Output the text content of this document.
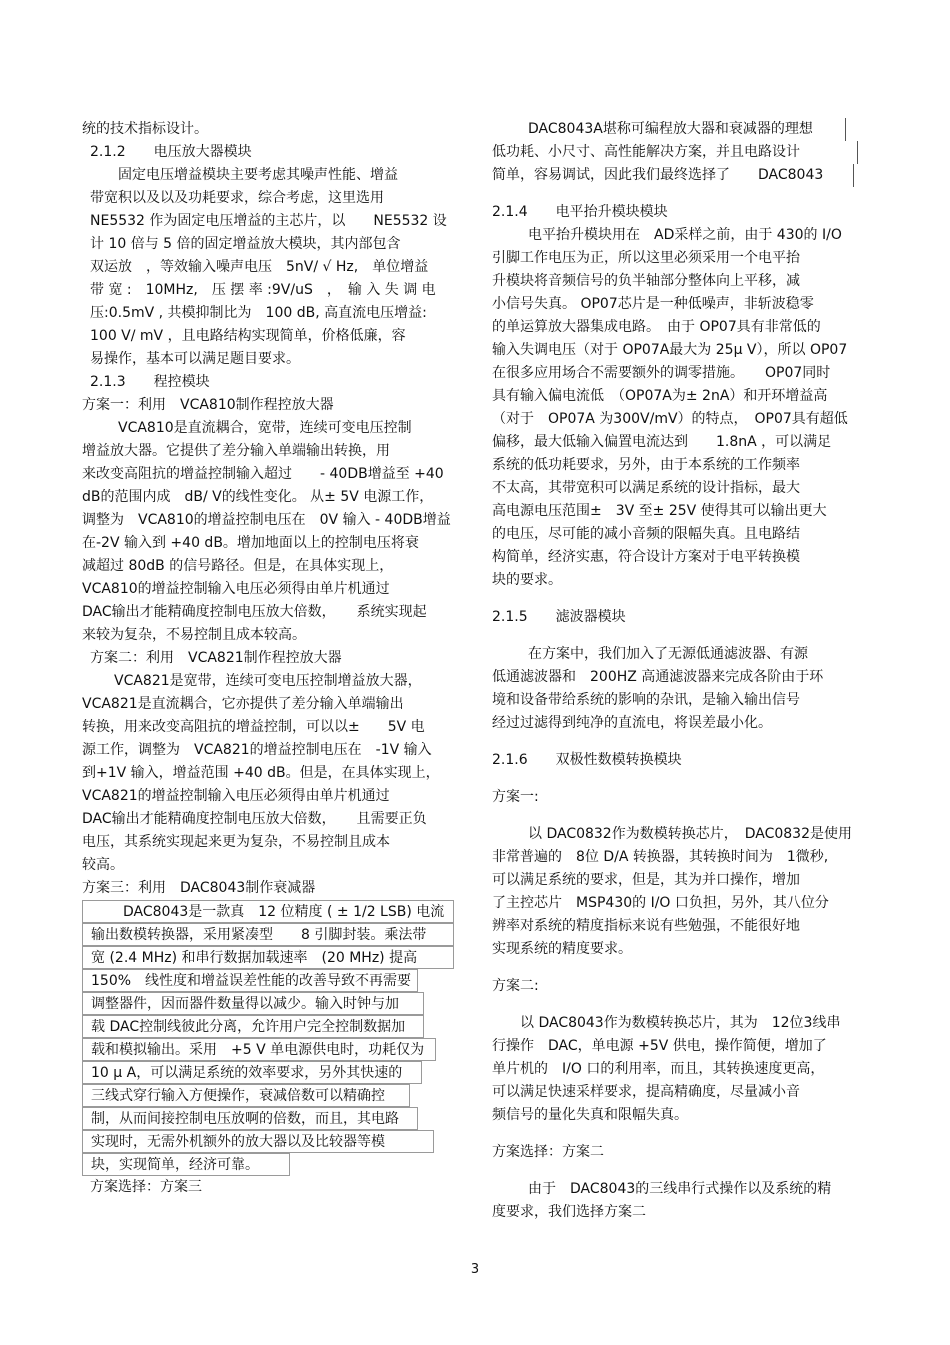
统的技术指标设计。
2.1.2　　电压放大器模块
固定电压增益模块主要考虑其噪声性能、增益
带宽积以及以及功耗要求，综合考虑，这里选用
NE5532 作为固定电压增益的主芯片，以　　NE5532 设
计 10 倍与 5 倍的固定增益放大模块，其内部包含
双运放　，等效输入噪声电压　5nV/ √ Hz,　单位增益
带 宽 :　10MHz,　压 摆 率 :9V/uS　，　输 入 失 调 电
压:0.5mV , 共模抑制比为　100 dB, 高直流电压增益:
100 V/ mV ，且电路结构实现简单，价格低廉，容
易操作，基本可以满足题目要求。
2.1.3　　程控模块
方案一：利用　VCA810制作程控放大器
VCA810是直流耦合，宽带，连续可变电压控制
增益放大器。它提供了差分输入单端输出转换，用
来改变高阻抗的增益控制输入超过　　- 40DB增益至 +40
dB的范围内成　dB/ V的线性变化。 从± 5V 电源工作，
调整为　VCA810的增益控制电压在　0V 输入 - 40DB增益
在-2V 输入到 +40 dB。增加地面以上的控制电压将衰
减超过 80dB 的信号路径。但是，在具体实现上，
VCA810的增益控制输入电压必须得由单片机通过
DAC输出才能精确度控制电压放大倍数，　　系统实现起
来较为复杂，不易控制且成本较高。
方案二：利用　VCA821制作程控放大器
VCA821是宽带，连续可变电压控制增益放大器，
VCA821是直流耦合，它亦提供了差分输入单端输出
转换，用来改变高阻抗的增益控制，可以以±　　5V 电
源工作，调整为　VCA821的增益控制电压在　-1V 输入
到+1V 输入，增益范围 +40 dB。但是，在具体实现上，
VCA821的增益控制输入电压必须得由单片机通过
DAC输出才能精确度控制电压放大倍数，　　且需要正负
电压，其系统实现起来更为复杂，不易控制且成本
较高。
方案三：利用　DAC8043制作衰减器
DAC8043是一款真　12 位精度 ( ± 1/2 LSB) 电流
输出数模转换器，采用紧凑型　　8 引脚封装。乘法带
宽 (2.4 MHz) 和串行数据加载速率　(20 MHz) 提高
150%　线性度和增益误差性能的改善导致不再需要
调整器件，因而器件数量得以减少。输入时钟与加
载 DAC控制线彼此分离，允许用户完全控制数据加
载和模拟输出。采用　+5 V 单电源供电时，功耗仅为
10 μ A，可以满足系统的效率要求，另外其快速的
三线式穿行输入方便操作，衰减倍数可以精确控
制，从而间接控制电压放啊的倍数，而且，其电路
实现时，无需外机额外的放大器以及比较器等模
块，实现简单，经济可靠。
方案选择：方案三
DAC8043A堪称可编程放大器和衰减器的理想
低功耗、小尺寸、高性能解决方案，并且电路设计
简单，容易调试，因此我们最终选择了　　DAC8043
2.1.4　　电平抬升模块模块
电平抬升模块用在　AD采样之前，由于 430的 I/O
引脚工作电压为正，所以这里必须采用一个电平抬
升模块将音频信号的负半轴部分整体向上平移，减
小信号失真。 OP07芯片是一种低噪声，非斩波稳零
的单运算放大器集成电路。　由于 OP07具有非常低的
输入失调电压（对于 OP07A最大为 25μ V），所以 OP07
在很多应用场合不需要额外的调零措施。　　OP07同时
具有输入偏电流低　（OP07A为± 2nA）和开环增益高
（对于　OP07A 为300V/mV）的特点，　OP07具有超低
偏移，最大低输入偏置电流达到　　1.8nA ，可以满足
系统的低功耗要求，另外，由于本系统的工作频率
不太高，其带宽积可以满足系统的设计指标，最大
高电源电压范围±　3V 至± 25V 使得其可以输出更大
的电压，尽可能的减小音频的限幅失真。且电路结
构简单，经济实惠，符合设计方案对于电平转换模
块的要求。
2.1.5　　滤波器模块
在方案中，我们加入了无源低通滤波器、有源
低通滤波器和　200HZ 高通滤波器来完成各阶由于环
境和设备带给系统的影响的杂讯，是输入输出信号
经过过滤得到纯净的直流电，将误差最小化。
2.1.6　　双极性数模转换模块
方案一:
以 DAC0832作为数模转换芯片，　DAC0832是使用
非常普遍的　8位 D/A 转换器，其转换时间为　1微秒,
可以满足系统的要求，但是，其为并口操作，增加
了主控芯片　MSP430的 I/O 口负担，另外，其八位分
辨率对系统的精度指标来说有些勉强，不能很好地
实现系统的精度要求。
方案二:
以 DAC8043作为数模转换芯片，其为　12位3线串
行操作　DAC，单电源 +5V 供电，操作简便，增加了
单片机的　I/O 口的利用率，而且，其转换速度更高，
可以满足快速采样要求，提高精确度，尽量减小音
频信号的量化失真和限幅失真。
方案选择：方案二
由于　DAC8043的三线串行式操作以及系统的精
度要求，我们选择方案二
3
